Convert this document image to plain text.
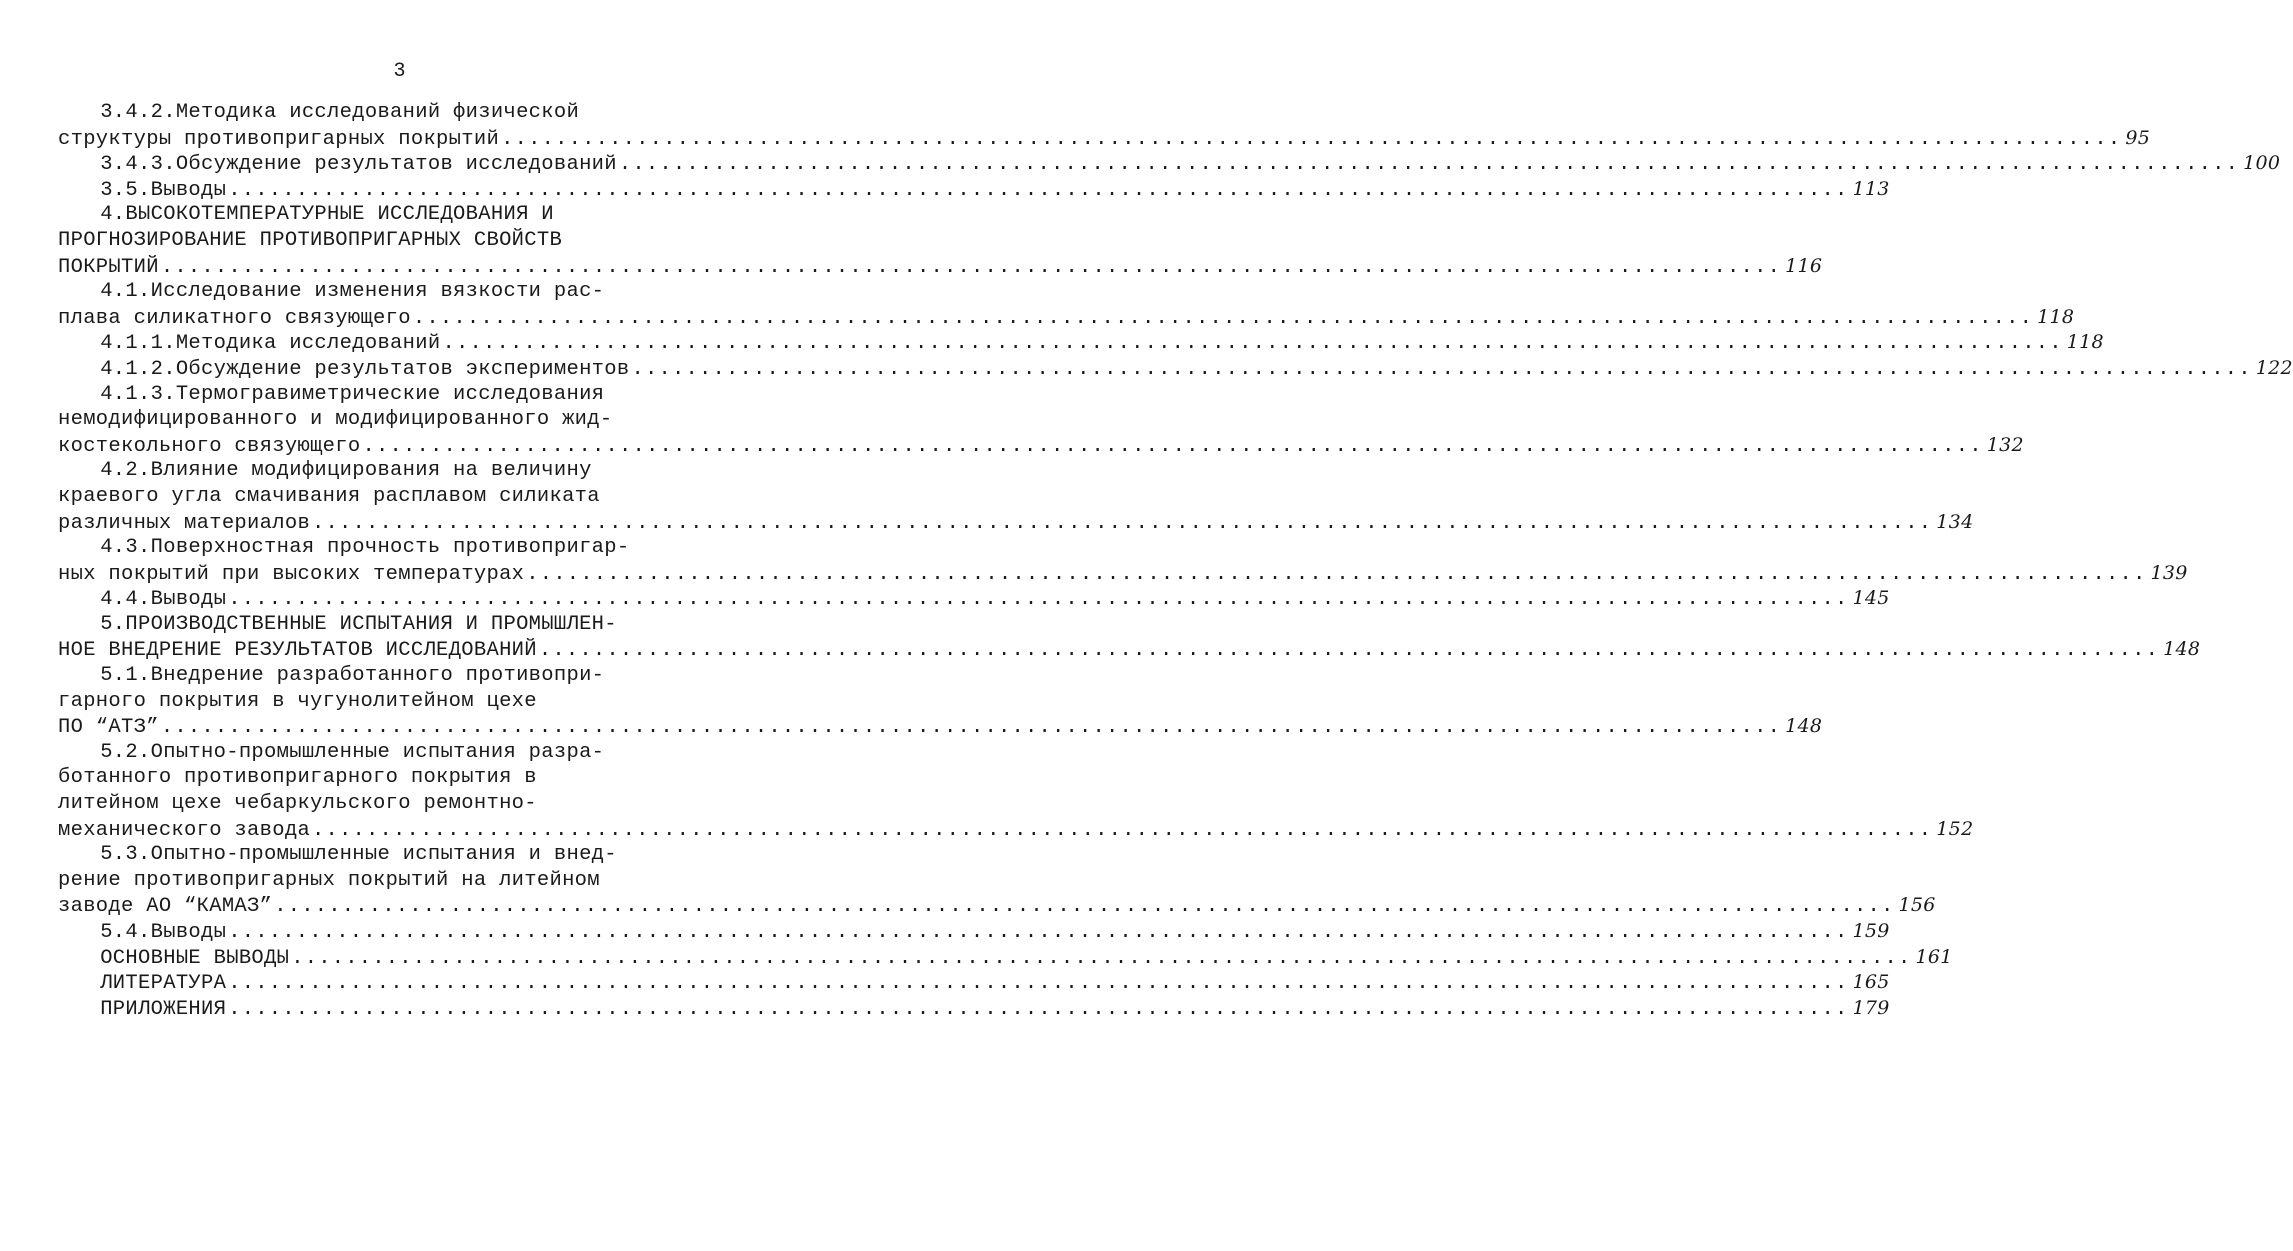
3
3.4.2.Методика исследований физической
структуры противопригарных покрытий ........................................................................................................................ 95
3.4.3.Обсуждение результатов исследований ........................................................................................................................ 100
3.5.Выводы ........................................................................................................................ 113
4.ВЫСОКОТЕМПЕРАТУРНЫЕ ИССЛЕДОВАНИЯ И
ПРОГНОЗИРОВАНИЕ ПРОТИВОПРИГАРНЫХ СВОЙСТВ
ПОКРЫТИЙ ........................................................................................................................ 116
4.1.Исследование изменения вязкости рас-
плава силикатного связующего ........................................................................................................................ 118
4.1.1.Методика исследований ........................................................................................................................ 118
4.1.2.Обсуждение результатов экспериментов ........................................................................................................................ 122
4.1.3.Термогравиметрические исследования
немодифицированного и модифицированного жид-
костекольного связующего ........................................................................................................................ 132
4.2.Влияние модифицирования на величину
краевого угла смачивания расплавом силиката
различных материалов ........................................................................................................................ 134
4.3.Поверхностная прочность противопригар-
ных покрытий при высоких температурах ........................................................................................................................ 139
4.4.Выводы ........................................................................................................................ 145
5.ПРОИЗВОДСТВЕННЫЕ ИСПЫТАНИЯ И ПРОМЫШЛЕН-
НОЕ ВНЕДРЕНИЕ РЕЗУЛЬТАТОВ ИССЛЕДОВАНИЙ ........................................................................................................................ 148
5.1.Внедрение разработанного противопри-
гарного покрытия в чугунолитейном цехе
ПО “АТЗ” ........................................................................................................................ 148
5.2.Опытно-промышленные испытания разра-
ботанного противопригарного покрытия в
литейном цехе чебаркульского ремонтно-
механического завода ........................................................................................................................ 152
5.3.Опытно-промышленные испытания и внед-
рение противопригарных покрытий на литейном
заводе АО “КАМАЗ” ........................................................................................................................ 156
5.4.Выводы ........................................................................................................................ 159
ОСНОВНЫЕ ВЫВОДЫ ........................................................................................................................ 161
ЛИТЕРАТУРА ........................................................................................................................ 165
ПРИЛОЖЕНИЯ ........................................................................................................................ 179
